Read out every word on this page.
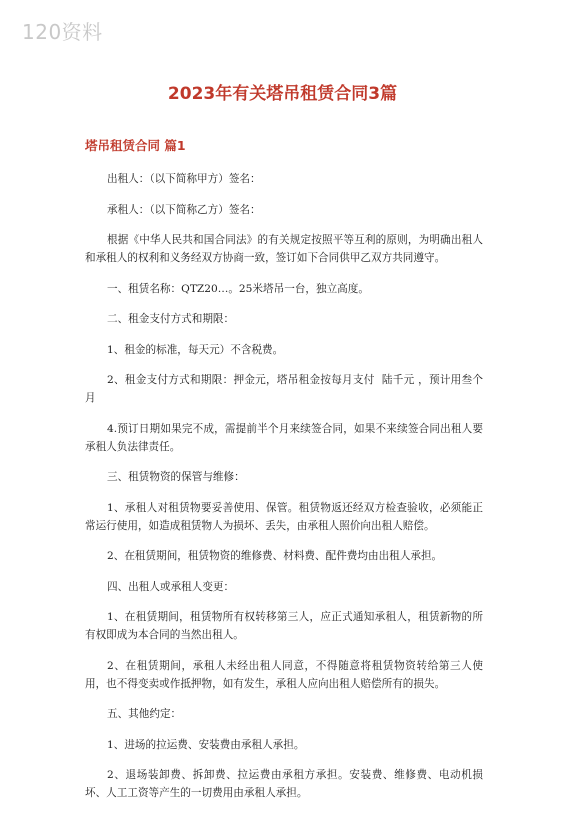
120资料
2023年有关塔吊租赁合同3篇
塔吊租赁合同 篇1

出租人：（以下简称甲方）签名：

承租人：（以下简称乙方）签名：

根据《中华人民共和国合同法》的有关规定按照平等互利的原则，为明确出租人和承租人的权利和义务经双方协商一致，签订如下合同供甲乙双方共同遵守。

一、租赁名称：QTZ20…。25米塔吊一台，独立高度。

二、租金支付方式和期限：

1、租金的标准，每天元）不含税费。

2、租金支付方式和期限：押金元，塔吊租金按每月支付  陆千元 ，预计用叁个  月

4.预订日期如果完不成，需提前半个月来续签合同，如果不来续签合同出租人要承租人负法律责任。

三、租赁物资的保管与维修：

1、承租人对租赁物要妥善使用、保管。租赁物返还经双方检查验收，必须能正常运行使用，如造成租赁物人为损坏、丢失，由承租人照价向出租人赔偿。

2、在租赁期间，租赁物资的维修费、材料费、配件费均由出租人承担。

四、出租人或承租人变更：

1、在租赁期间，租赁物所有权转移第三人，应正式通知承租人，租赁新物的所有权即成为本合同的当然出租人。

2、在租赁期间，承租人未经出租人同意，不得随意将租赁物资转给第三人使用，也不得变卖或作抵押物，如有发生，承租人应向出租人赔偿所有的损失。

五、其他约定：

1、进场的拉运费、安装费由承租人承担。

2、退场装卸费、拆卸费、拉运费由承租方承担。安装费、维修费、电动机损坏、人工工资等产生的一切费用由承租人承担。
